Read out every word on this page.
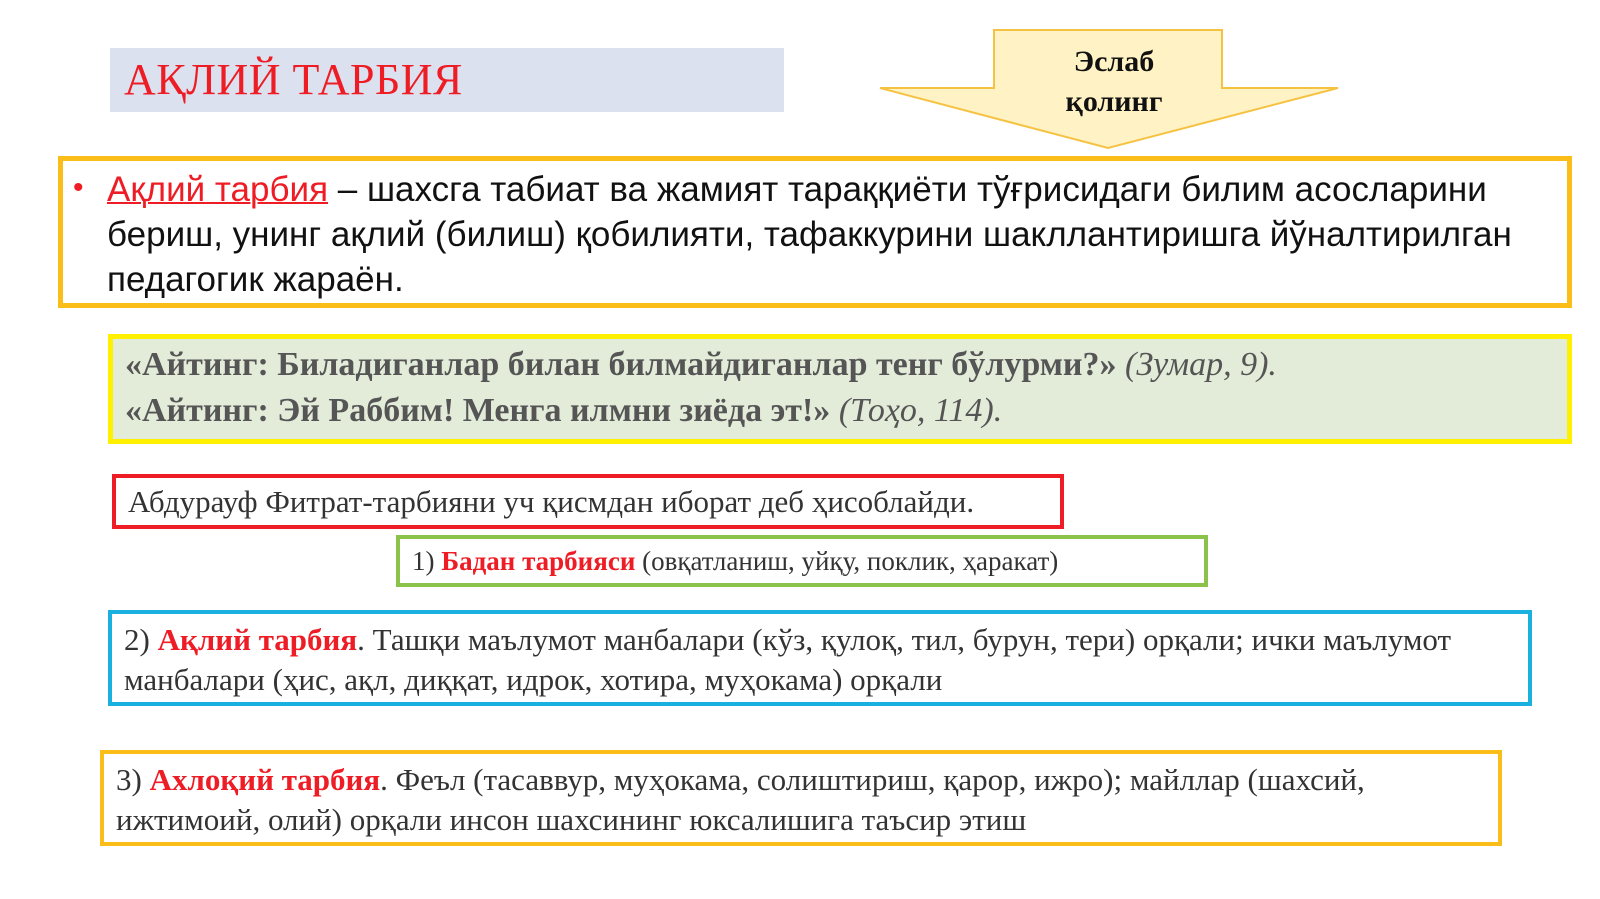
АҚЛИЙ ТАРБИЯ	Эслаб
қолинг
• Ақлий тарбия – шахсга табиат ва жамият тараққиёти тўғрисидаги билим асосларини бериш, унинг ақлий (билиш) қобилияти, тафаккурини шакллантиришга йўналтирилган педагогик жараён.
«Айтинг: Биладиганлар билан билмайдиганлар тенг бўлурми?» (Зумар, 9).
«Айтинг: Эй Раббим! Менга илмни зиёда эт!» (Тоҳо, 114).
Абдурауф Фитрат-тарбияни уч қисмдан иборат деб ҳисоблайди.
1) Бадан тарбияси (овқатланиш, уйқу, поклик, ҳаракат)
2) Ақлий тарбия. Ташқи маълумот манбалари (кўз, қулоқ, тил, бурун, тери) орқали; ички маълумот манбалари (ҳис, ақл, диққат, идрок, хотира, муҳокама) орқали
3) Ахлоқий тарбия. Феъл (тасаввур, муҳокама, солиштириш, қарор, ижро); майллар (шахсий, ижтимоий, олий) орқали инсон шахсининг юксалишига таъсир этиш
